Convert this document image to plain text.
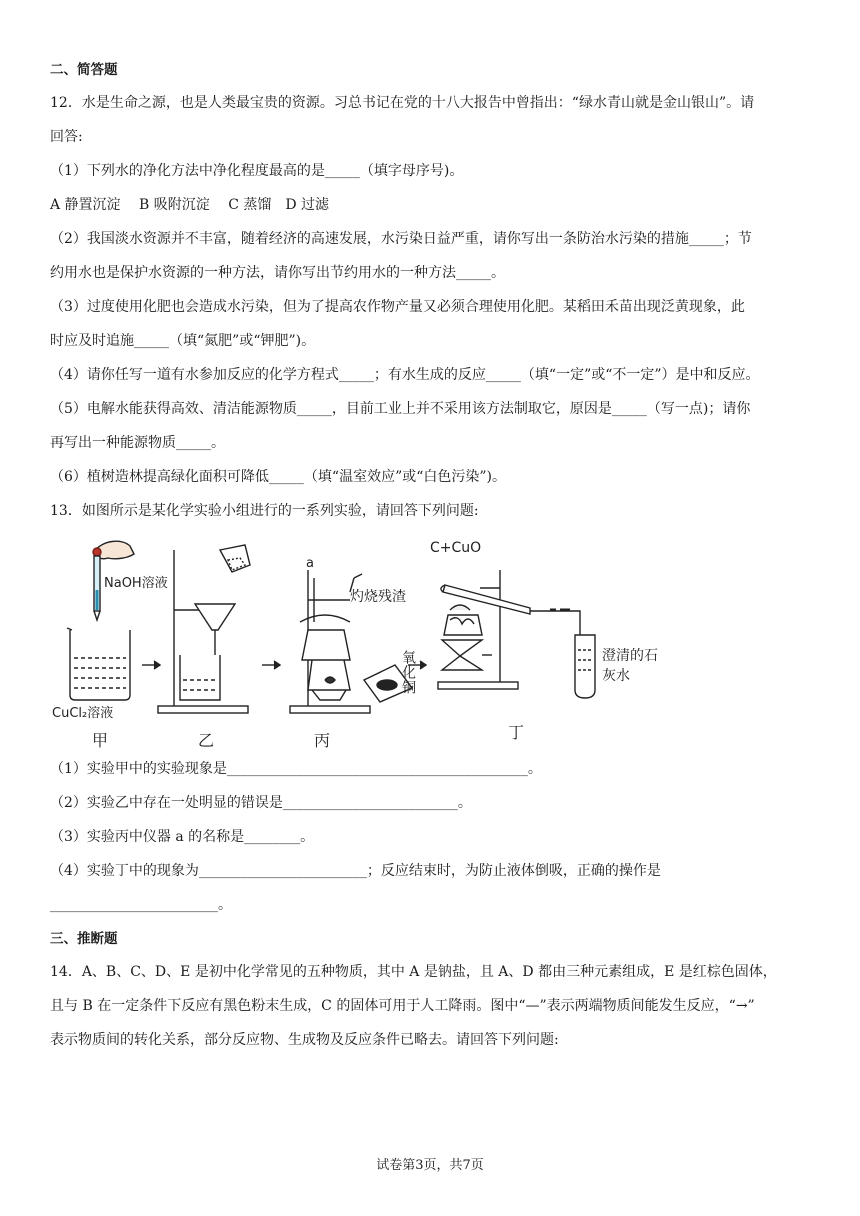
二、简答题
12．水是生命之源，也是人类最宝贵的资源。习总书记在党的十八大报告中曾指出：“绿水青山就是金山银山”。请
回答:
（1）下列水的净化方法中净化程度最高的是_____（填字母序号)。
A 静置沉淀　 B 吸附沉淀　 C 蒸馏　D 过滤
（2）我国淡水资源并不丰富，随着经济的高速发展，水污染日益严重，请你写出一条防治水污染的措施_____；节
约用水也是保护水资源的一种方法，请你写出节约用水的一种方法_____。
（3）过度使用化肥也会造成水污染，但为了提高农作物产量又必须合理使用化肥。某稻田禾苗出现泛黄现象，此
时应及时追施_____（填“氮肥”或“钾肥”)。
（4）请你任写一道有水参加反应的化学方程式_____；有水生成的反应_____（填“一定”或“不一定”）是中和反应。
（5）电解水能获得高效、清洁能源物质_____，目前工业上并不采用该方法制取它，原因是_____（写一点)；请你
再写出一种能源物质_____。
（6）植树造林提高绿化面积可降低_____（填“温室效应”或“白色污染”)。
13．如图所示是某化学实验小组进行的一系列实验，请回答下列问题:
NaOH溶液
CuCl₂溶液
a
灼烧残渣
氧化铜
C+CuO
澄清的石灰水
甲	乙	丙	丁
（1）实验甲中的实验现象是___________________________________________。
（2）实验乙中存在一处明显的错误是_________________________。
（3）实验丙中仪器 a 的名称是________。
（4）实验丁中的现象为________________________；反应结束时，为防止液体倒吸，正确的操作是
________________________。
三、推断题
14．A、B、C、D、E 是初中化学常见的五种物质，其中 A 是钠盐，且 A、D 都由三种元素组成，E 是红棕色固体，
且与 B 在一定条件下反应有黑色粉末生成，C 的固体可用于人工降雨。图中“—”表示两端物质间能发生反应，“→”
表示物质间的转化关系，部分反应物、生成物及反应条件已略去。请回答下列问题:
试卷第3页，共7页
